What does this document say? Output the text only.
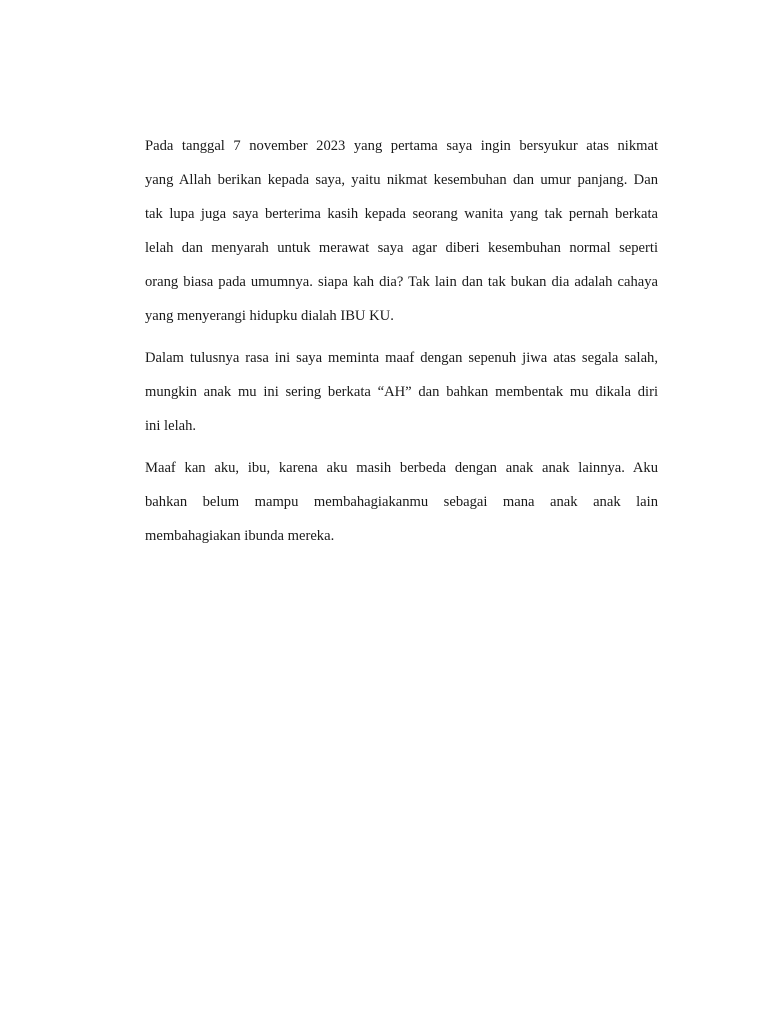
Pada tanggal 7 november 2023 yang pertama saya ingin bersyukur atas nikmat
yang Allah berikan kepada saya, yaitu nikmat kesembuhan dan umur panjang. Dan
tak lupa juga saya berterima kasih kepada seorang wanita yang tak pernah berkata
lelah dan menyarah untuk merawat saya agar diberi kesembuhan normal seperti
orang biasa pada umumnya. siapa kah dia? Tak lain dan tak bukan dia adalah cahaya
yang menyerangi hidupku dialah IBU KU.
Dalam tulusnya rasa ini saya meminta maaf dengan sepenuh jiwa atas segala salah,
mungkin anak mu ini sering berkata “AH” dan bahkan membentak mu dikala diri
ini lelah.
Maaf kan aku, ibu, karena aku masih berbeda dengan anak anak lainnya. Aku
bahkan belum mampu membahagiakanmu sebagai mana anak anak lain
membahagiakan ibunda mereka.
